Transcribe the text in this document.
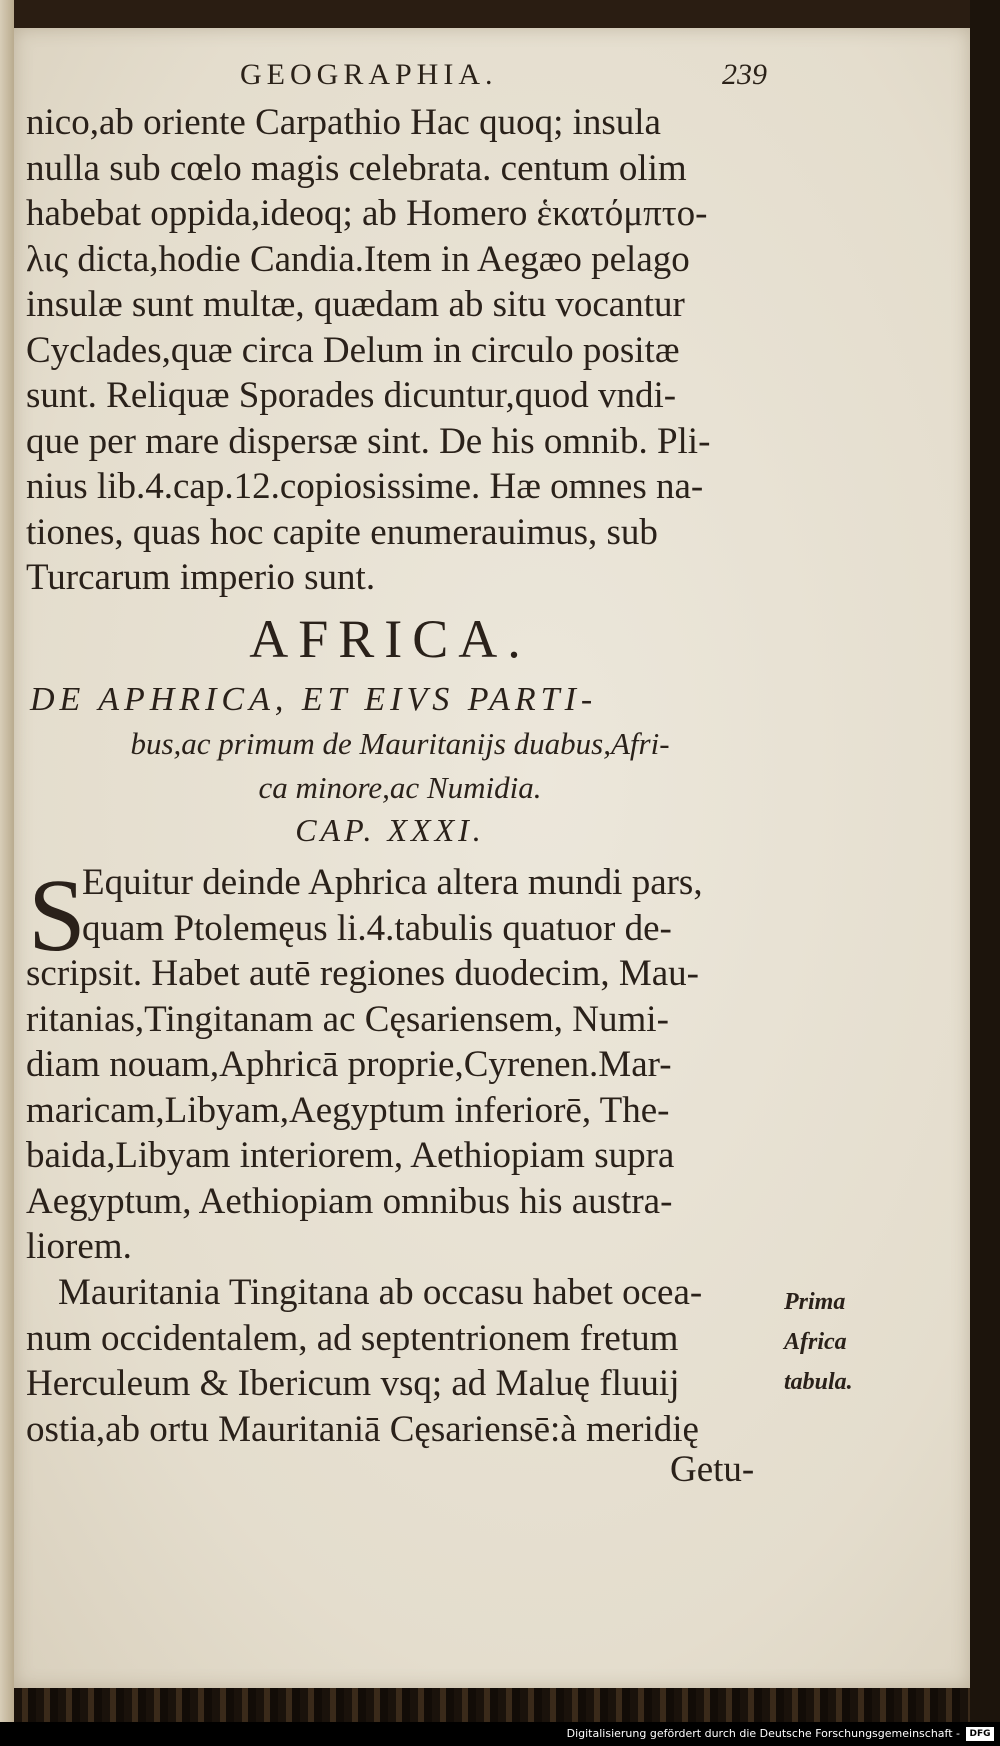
GEOGRAPHIA.	239
nico,ab oriente Carpathio Hac quoq; insula
nulla sub cœlo magis celebrata. centum olim
habebat oppida,ideoq; ab Homero ἑκατόμπτο-
λις dicta,hodie Candia.Item in Aegæo pelago
insulæ sunt multæ, quædam ab situ vocantur
Cyclades,quæ circa Delum in circulo positæ
sunt. Reliquæ Sporades dicuntur,quod vndi-
que per mare dispersæ sint. De his omnib. Pli-
nius lib.4.cap.12.copiosissime. Hæ omnes na-
tiones, quas hoc capite enumerauimus, sub
Turcarum imperio sunt.
AFRICA.
DE APHRICA, ET EIVS PARTI-
bus,ac primum de Mauritanijs duabus,Afri-
ca minore,ac Numidia.
CAP. XXXI.
S
Equitur deinde Aphrica altera mundi pars,
quam Ptolemęus li.4.tabulis quatuor de-
scripsit. Habet autē regiones duodecim, Mau-
ritanias,Tingitanam ac Cęsariensem, Numi-
diam nouam,Aphricā proprie,Cyrenen.Mar-
maricam,Libyam,Aegyptum inferiorē, The-
baida,Libyam interiorem, Aethiopiam supra
Aegyptum, Aethiopiam omnibus his austra-
liorem.
Mauritania Tingitana ab occasu habet ocea-
num occidentalem, ad septentrionem fretum
Herculeum & Ibericum vsq; ad Maluę fluuij
ostia,ab ortu Mauritaniā Cęsariensē:à meridię
Getu-
Prima
Africa
tabula.
Digitalisierung gefördert durch die Deutsche Forschungsgemeinschaft -	DFG
